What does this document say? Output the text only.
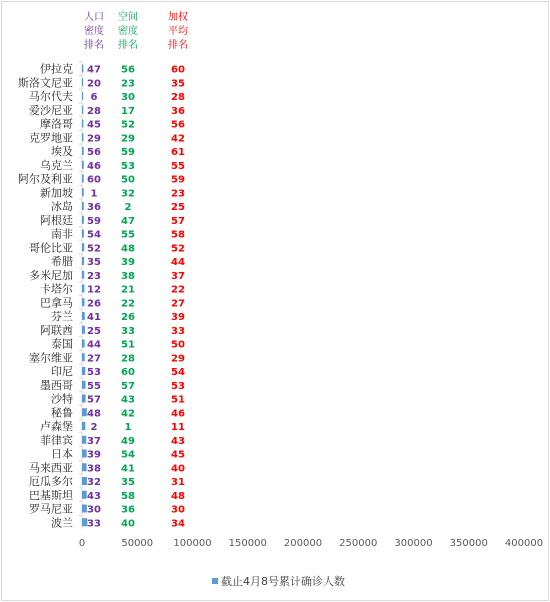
人口
密度
排名
空间
密度
排名
加权
平均
排名
伊拉克 47 56	60
斯洛文尼亚 20 23	35
马尔代夫 6 30	28
爱沙尼亚 28 17	36
摩洛哥 45 52	56
克罗地亚 29 29	42
埃及 56 59	61
乌克兰 46 53	55
阿尔及利亚 60 50	59
新加坡 1 32	23
冰岛 36 2	25
阿根廷 59 47	57
南非 54 55	58
哥伦比亚 52 48	52
希腊 35 39	44
多米尼加 23 38	37
卡塔尔 12 21	22
巴拿马 26 22	27
芬兰 41 26	39
阿联酋 25 33	33
泰国 44 51	50
塞尔维亚 27 28	29
印尼 53 60	54
墨西哥 55 57	53
沙特 57 43	51
秘鲁 48 42	46
卢森堡 2	1	11
菲律宾 37 49	43
日本 39 54	45
马来西亚 38 41	40
厄瓜多尔 32 35	31
巴基斯坦 43 58	48
罗马尼亚 30 36	30
波兰 33 40	34
0	50000 100000 150000 200000 250000 300000 350000 400000
截止4月8号累计确诊人数
